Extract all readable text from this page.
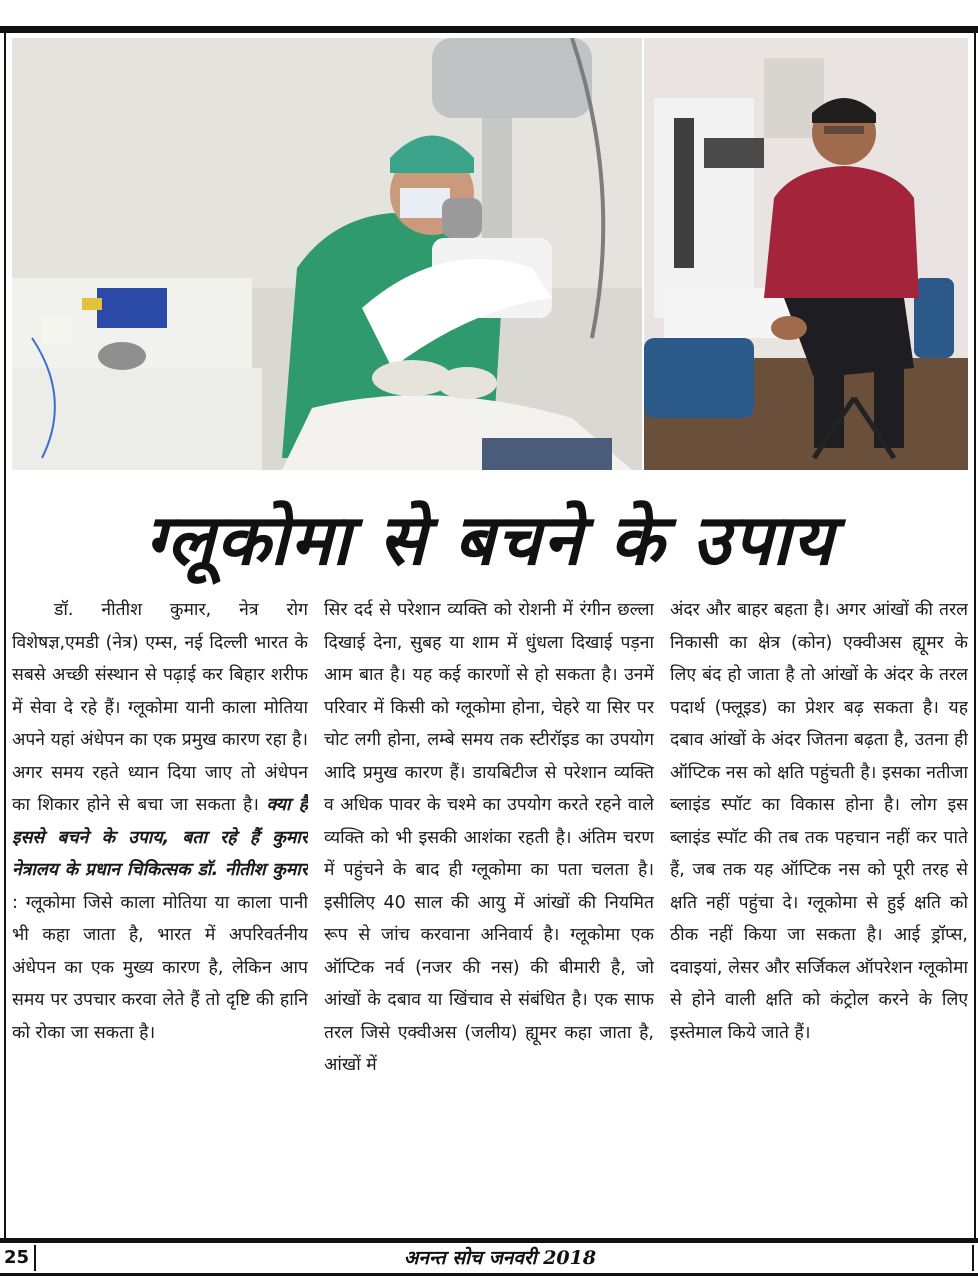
ग्लूकोमा से बचने के उपाय

डॉ. नीतीश कुमार, नेत्र रोग विशेषज्ञ,एमडी (नेत्र) एम्स, नई दिल्ली भारत के सबसे अच्छी संस्थान से पढ़ाई कर बिहार शरीफ में सेवा दे रहे हैं। ग्लूकोमा यानी काला मोतिया अपने यहां अंधेपन का एक प्रमुख कारण रहा है। अगर समय रहते ध्यान दिया जाए तो अंधेपन का शिकार होने से बचा जा सकता है। क्या हैं इससे बचने के उपाय, बता रहे हैं कुमार नेत्रालय के प्रधान चिकित्सक डॉ. नीतीश कुमार : ग्लूकोमा जिसे काला मोतिया या काला पानी भी कहा जाता है, भारत में अपरिवर्तनीय अंधेपन का एक मुख्य कारण है, लेकिन आप समय पर उपचार करवा लेते हैं तो दृष्टि की हानि को रोका जा सकता है।

सिर दर्द से परेशान व्यक्ति को रोशनी में रंगीन छल्ला दिखाई देना, सुबह या शाम में धुंधला दिखाई पड़ना आम बात है। यह कई कारणों से हो सकता है। उनमें परिवार में किसी को ग्लूकोमा होना, चेहरे या सिर पर चोट लगी होना, लम्बे समय तक स्टीरॉइड का उपयोग आदि प्रमुख कारण हैं। डायबिटीज से परेशान व्यक्ति व अधिक पावर के चश्मे का उपयोग करते रहने वाले व्यक्ति को भी इसकी आशंका रहती है। अंतिम चरण में पहुंचने के बाद ही ग्लूकोमा का पता चलता है। इसीलिए 40 साल की आयु में आंखों की नियमित रूप से जांच करवाना अनिवार्य है। ग्लूकोमा एक ऑप्टिक नर्व (नजर की नस) की बीमारी है, जो आंखों के दबाव या खिंचाव से संबंधित है। एक साफ तरल जिसे एक्वीअस (जलीय) ह्यूमर कहा जाता है, आंखों में

अंदर और बाहर बहता है। अगर आंखों की तरल निकासी का क्षेत्र (कोन) एक्वीअस ह्यूमर के लिए बंद हो जाता है तो आंखों के अंदर के तरल पदार्थ (फ्लूइड) का प्रेशर बढ़ सकता है। यह दबाव आंखों के अंदर जितना बढ़ता है, उतना ही ऑप्टिक नस को क्षति पहुंचती है। इसका नतीजा ब्लाइंड स्पॉट का विकास होना है। लोग इस ब्लाइंड स्पॉट की तब तक पहचान नहीं कर पाते हैं, जब तक यह ऑप्टिक नस को पूरी तरह से क्षति नहीं पहुंचा दे। ग्लूकोमा से हुई क्षति को ठीक नहीं किया जा सकता है। आई ड्रॉप्स, दवाइयां, लेसर और सर्जिकल ऑपरेशन ग्लूकोमा से होने वाली क्षति को कंट्रोल करने के लिए इस्तेमाल किये जाते हैं।

25	अनन्त सोच जनवरी 2018
